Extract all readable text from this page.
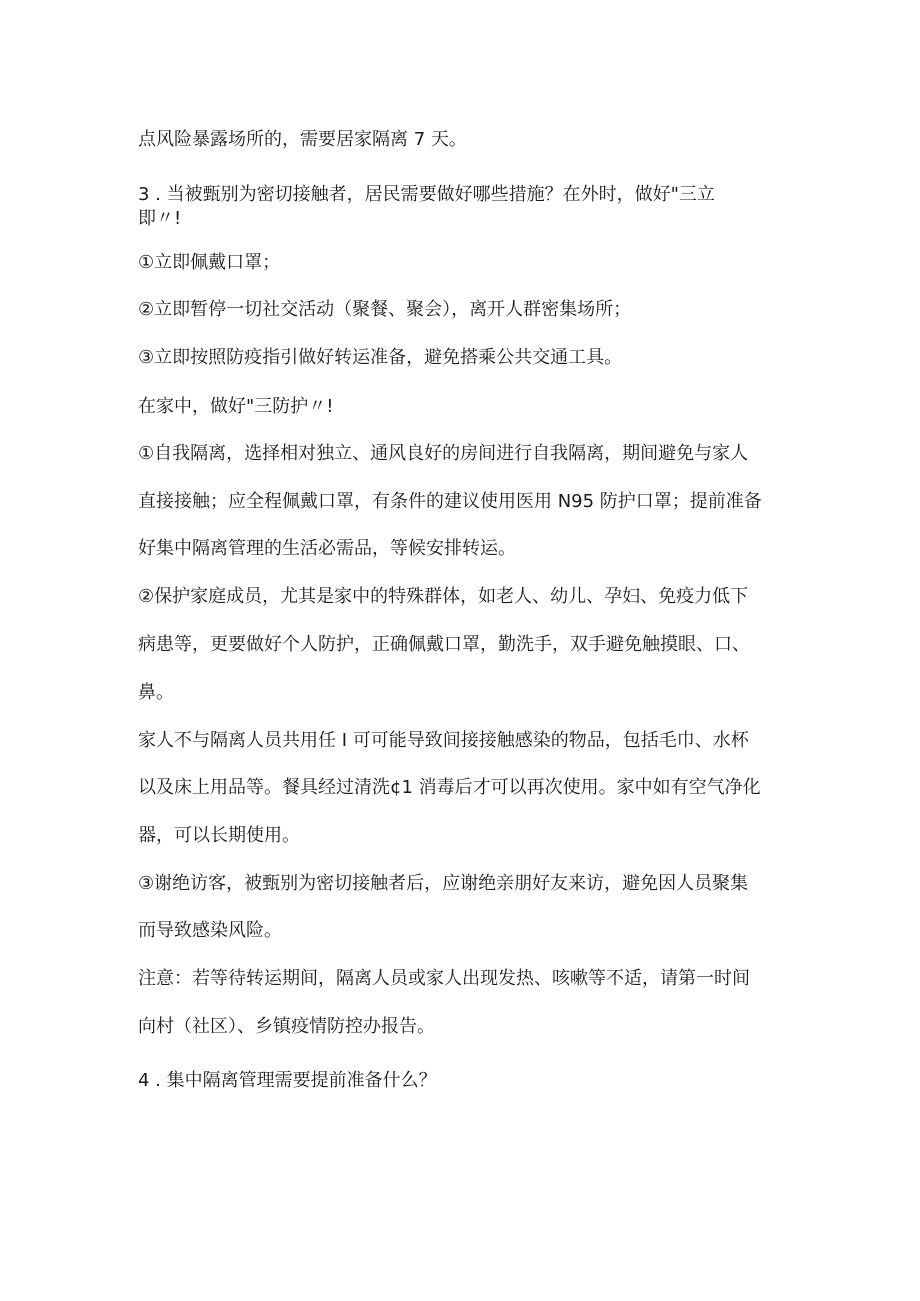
点风险暴露场所的，需要居家隔离 7 天。

3 . 当被甄别为密切接触者，居民需要做好哪些措施？在外时，做好"三立

即〃!

①立即佩戴口罩；

②立即暂停一切社交活动（聚餐、聚会），离开人群密集场所；

③立即按照防疫指引做好转运准备，避免搭乘公共交通工具。

在家中，做好"三防护〃!

①自我隔离，选择相对独立、通风良好的房间进行自我隔离，期间避免与家人

直接接触；应全程佩戴口罩，有条件的建议使用医用 N95 防护口罩；提前准备

好集中隔离管理的生活必需品，等候安排转运。

②保护家庭成员，尤其是家中的特殊群体，如老人、幼儿、孕妇、免疫力低下

病患等，更要做好个人防护，正确佩戴口罩，勤洗手，双手避免触摸眼、口、

鼻。

家人不与隔离人员共用任 I 可可能导致间接接触感染的物品，包括毛巾、水杯

以及床上用品等。餐具经过清洗¢1 消毒后才可以再次使用。家中如有空气净化

器，可以长期使用。

③谢绝访客，被甄别为密切接触者后，应谢绝亲朋好友来访，避免因人员聚集

而导致感染风险。

注意：若等待转运期间，隔离人员或家人出现发热、咳嗽等不适，请第一时间

向村（社区）、乡镇疫情防控办报告。

4 . 集中隔离管理需要提前准备什么？
